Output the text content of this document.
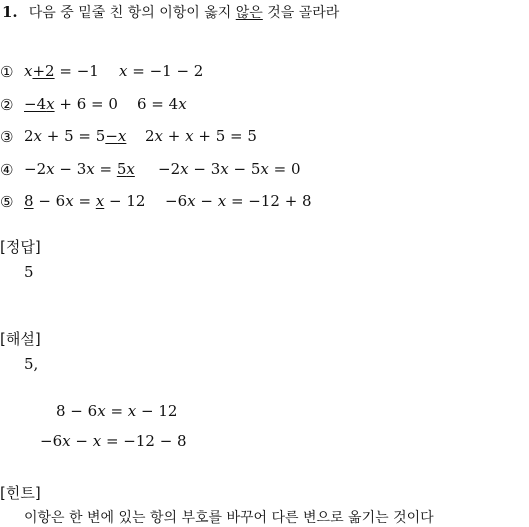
1. 다음 중 밑줄 친 항의 이항이 옳지 않은 것을 골라라
① x+2 = −1 x = −1 − 2
② −4x + 6 = 0 6 = 4x
③ 2x + 5 = 5−x 2x + x + 5 = 5
④ −2x − 3x = 5x −2x − 3x − 5x = 0
⑤ 8 − 6x = x − 12 −6x − x = −12 + 8
[정답]
5
[해설]
5,
8 − 6x = x − 12
−6x − x = −12 − 8
[힌트]
이항은 한 변에 있는 항의 부호를 바꾸어 다른 변으로 옮기는 것이다
